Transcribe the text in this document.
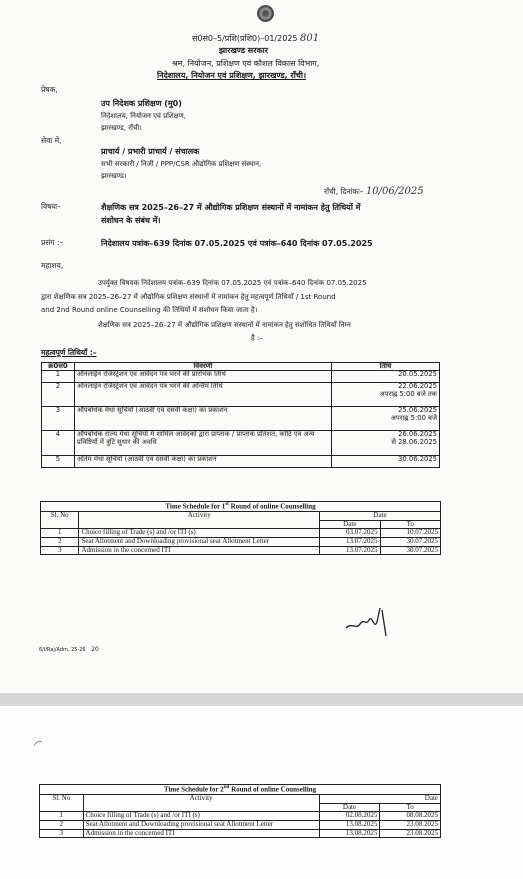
सं0सं0–5/प्रशि(प्रशि0)–01/2025 801
झारखण्ड सरकार
श्रम, नियोजन, प्रशिक्षण एवं कौशल विकास विभाग,
निदेशालय, नियोजन एवं प्रशिक्षण, झारखण्ड, राँची।
प्रेषक,
उप निदेशक प्रशिक्षण (मु0)
निदेशालय, नियोजन एवं प्रशिक्षण,
झारखण्ड, राँची।
सेवा में,
प्राचार्य / प्रभारी प्राचार्य / संचालक
सभी सरकारी / निजी / PPP/CSR औद्योगिक प्रशिक्षण संस्थान,
झारखण्ड।
राँची, दिनांकः– 10/06/2025
विषयः–	शैक्षणिक सत्र 2025–26–27 में औद्योगिक प्रशिक्षण संस्थानों में नामांकन हेतु तिथियों में
संशोधन के संबंध में।
प्रसंग :–	निदेशालय पत्रांक–639 दिनांक 07.05.2025 एवं पत्रांक–640 दिनांक 07.05.2025
महाशय,
उपर्युक्त विषयक निदेशालय पत्रांक–639 दिनांक 07.05.2025 एवं पत्रांक–640 दिनांक 07.05.2025
द्वारा शैक्षणिक सत्र 2025–26–27 में औद्योगिक प्रशिक्षण संस्थानों में नामांकन हेतु महत्वपूर्ण तिथियाँ / 1st Round
and 2nd Round online Counselling की तिथियों में संशोधन किया जाता है।
शैक्षणिक सत्र 2025–26–27 में औद्योगिक प्रशिक्षण संस्थानों में नामांकन हेतु संशोधित तिथियाँ निम्न
है :–
महत्वपूर्ण तिथियाँ :–
क्र0सं0	विवरणी	तिथि
1	ऑनलाईन रजिस्ट्रेशन एवं आवेदन पत्र भरने की प्रारंभिक तिथि	20.05.2025

2	ऑनलाईन रजिस्ट्रेशन एवं आवेदन पत्र भरने की अन्तिम तिथि	22.06.2025
अपराह्न 5:00 बजे तक

3	औपबंधिक मेधा सूचियाँ (आठवीं एवं दसवीं कक्षा) का प्रकाशन	25.06.2025
अपराह्न 5:00 बजे

4	औपबंधिक राज्य मेधा सूचियों में शामिल आवेदकों द्वारा प्राप्तांक / प्राप्तांक प्रतिशत, कोटि एवं अन्य प्रविष्टियों में त्रुटि सुधार की अवधि	26.06.2025
से 28.06.2025

5	अंतिम मेधा सूचियाँ (आठवीं एवं दसवीं कक्षा) का प्रकाशन	30.06.2025
Time Schedule for 1st Round of online Counselling			
Sl. No	Activity	Date	
		Date	To
1	Choice filling of Trade (s) and /or ITI (s)	03.07.2025	10.07.2025
2	Seat Allotment and Downloading provisional seat Allotment Letter	13.07.2025	30.07.2025
3	Admission in the concerned ITI	13.07.2025	30.07.2025
6/I/Raj/Adm. 25-26 20
Time Schedule for 2nd Round of online Counselling			
Sl. No	Activity	Date	
		Date	To
1	Choice filling of Trade (s) and /or ITI (s)	02.08.2025	08.08.2025
2	Seat Allotment and Downloading provisional seat Allotment Letter	13.08.2025	23.08.2025
3	Admission in the concerned ITI	13.08.2025	23.08.2025
